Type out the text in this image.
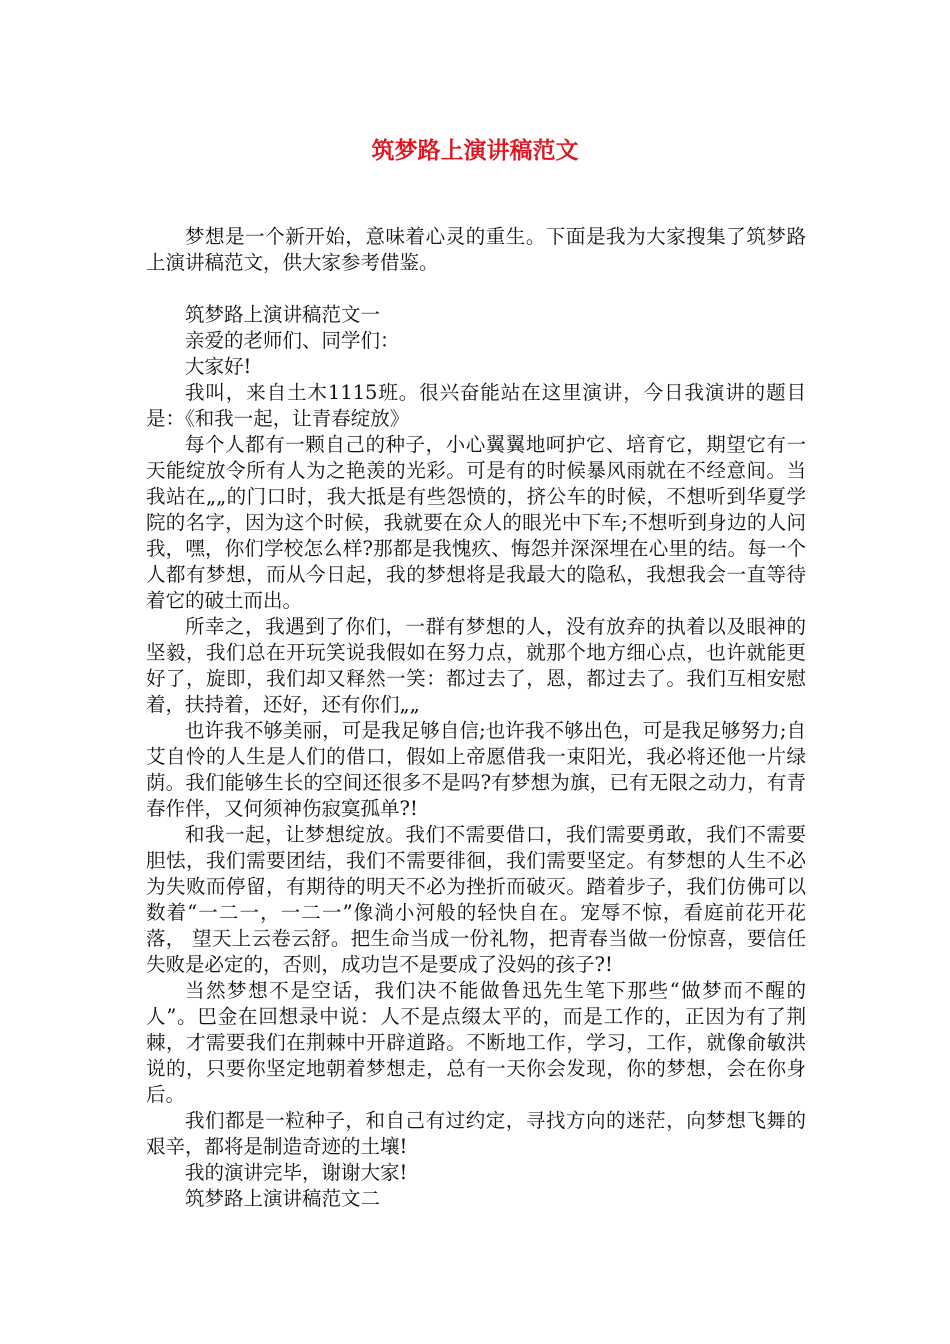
筑梦路上演讲稿范文

梦想是一个新开始，意味着心灵的重生。下面是我为大家搜集了筑梦路上演讲稿范文，供大家参考借鉴。

筑梦路上演讲稿范文一

亲爱的老师们、同学们：

大家好!

我叫，来自土木1115班。很兴奋能站在这里演讲，今日我演讲的题目是：《和我一起，让青春绽放》

每个人都有一颗自己的种子，小心翼翼地呵护它、培育它，期望它有一天能绽放令所有人为之艳羡的光彩。可是有的时候暴风雨就在不经意间。当我站在„„的门口时，我大抵是有些怨愤的，挤公车的时候，不想听到华夏学院的名字，因为这个时候，我就要在众人的眼光中下车;不想听到身边的人问我，嘿，你们学校怎么样?那都是我愧疚、悔怨并深深埋在心里的结。每一个人都有梦想，而从今日起，我的梦想将是我最大的隐私，我想我会一直等待着它的破土而出。

所幸之，我遇到了你们，一群有梦想的人，没有放弃的执着以及眼神的坚毅，我们总在开玩笑说我假如在努力点，就那个地方细心点，也许就能更好了，旋即，我们却又释然一笑：都过去了，恩，都过去了。我们互相安慰着，扶持着，还好，还有你们„„

也许我不够美丽，可是我足够自信;也许我不够出色，可是我足够努力;自艾自怜的人生是人们的借口，假如上帝愿借我一束阳光，我必将还他一片绿荫。我们能够生长的空间还很多不是吗?有梦想为旗，已有无限之动力，有青春作伴，又何须神伤寂寞孤单?!

和我一起，让梦想绽放。我们不需要借口，我们需要勇敢，我们不需要胆怯，我们需要团结，我们不需要徘徊，我们需要坚定。有梦想的人生不必为失败而停留，有期待的明天不必为挫折而破灭。踏着步子，我们仿佛可以数着“一二一，一二一”像淌小河般的轻快自在。宠辱不惊，看庭前花开花落， 望天上云卷云舒。把生命当成一份礼物，把青春当做一份惊喜，要信任失败是必定的，否则，成功岂不是要成了没妈的孩子?!

当然梦想不是空话，我们决不能做鲁迅先生笔下那些“做梦而不醒的人”。巴金在回想录中说：人不是点缀太平的，而是工作的，正因为有了荆棘，才需要我们在荆棘中开辟道路。不断地工作，学习，工作，就像俞敏洪说的，只要你坚定地朝着梦想走，总有一天你会发现，你的梦想，会在你身后。

我们都是一粒种子，和自己有过约定，寻找方向的迷茫，向梦想飞舞的艰辛，都将是制造奇迹的土壤!

我的演讲完毕，谢谢大家!

筑梦路上演讲稿范文二
